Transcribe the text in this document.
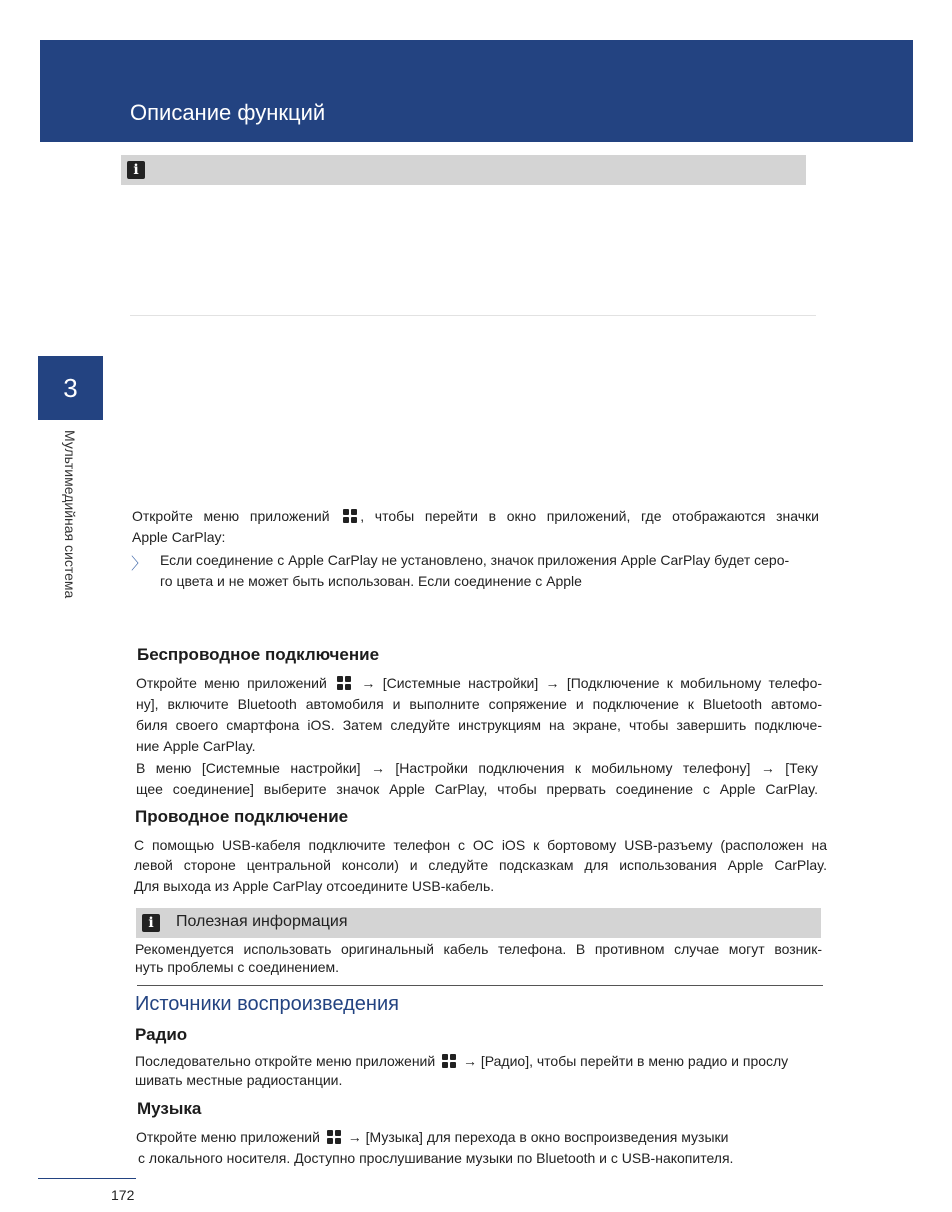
Описание функций
i
3
Мультимедийная система	Откройте меню приложений , чтобы перейти в окно приложений, где отображаются значки
Apple CarPlay:
〉 Если соединение с Apple CarPlay не установлено, значок приложения Apple CarPlay будет серо-
го цвета и не может быть использован. Если соединение с Apple
Беспроводное подключение
Откройте меню приложений → [Системные настройки] → [Подключение к мобильному телефо-
ну], включите Bluetooth автомобиля и выполните сопряжение и подключение к Bluetooth автомо-
биля своего смартфона iOS. Затем следуйте инструкциям на экране, чтобы завершить подключе-
ние Apple CarPlay.
В меню [Системные настройки] → [Настройки подключения к мобильному телефону] → [Теку
щее соединение] выберите значок Apple CarPlay, чтобы прервать соединение с Apple CarPlay.
Проводное подключение
С помощью USB-кабеля подключите телефон с ОС iOS к бортовому USB-разъему (расположен на
левой стороне центральной консоли) и следуйте подсказкам для использования Apple CarPlay.
Для выхода из Apple CarPlay отсоедините USB-кабель.
i	Полезная информация
Рекомендуется использовать оригинальный кабель телефона. В противном случае могут возник-
нуть проблемы с соединением.
Источники воспроизведения
Радио
Последовательно откройте меню приложений → [Радио], чтобы перейти в меню радио и прослу
шивать местные радиостанции.
Музыка
Откройте меню приложений → [Музыка] для перехода в окно воспроизведения музыки
с локального носителя. Доступно прослушивание музыки по Bluetooth и с USB-накопителя.
172
